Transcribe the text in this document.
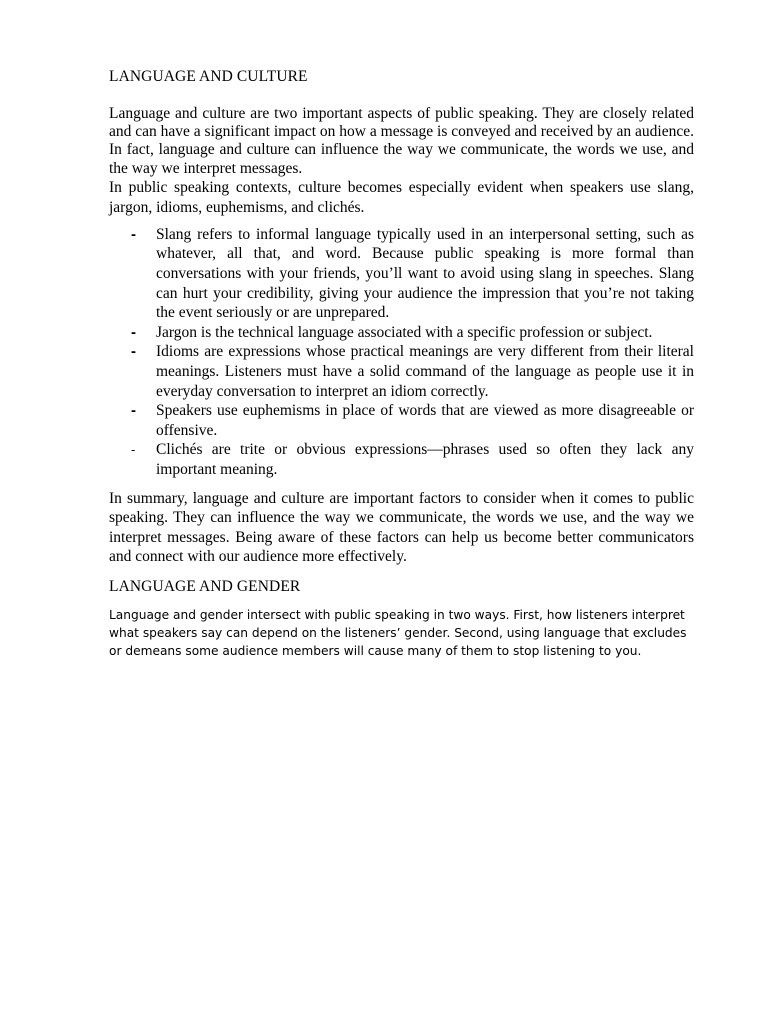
LANGUAGE AND CULTURE

Language and culture are two important aspects of public speaking. They are closely related and can have a significant impact on how a message is conveyed and received by an audience. In fact, language and culture can influence the way we communicate, the words we use, and the way we interpret messages.

In public speaking contexts, culture becomes especially evident when speakers use slang, jargon, idioms, euphemisms, and clichés.

- Slang refers to informal language typically used in an interpersonal setting, such as whatever, all that, and word. Because public speaking is more formal than conversations with your friends, you’ll want to avoid using slang in speeches. Slang can hurt your credibility, giving your audience the impression that you’re not taking the event seriously or are unprepared.
- Jargon is the technical language associated with a specific profession or subject.
- Idioms are expressions whose practical meanings are very different from their literal meanings. Listeners must have a solid command of the language as people use it in everyday conversation to interpret an idiom correctly.
- Speakers use euphemisms in place of words that are viewed as more disagreeable or offensive.
- Clichés are trite or obvious expressions—phrases used so often they lack any important meaning.

In summary, language and culture are important factors to consider when it comes to public speaking. They can influence the way we communicate, the words we use, and the way we interpret messages. Being aware of these factors can help us become better communicators and connect with our audience more effectively.

LANGUAGE AND GENDER

Language and gender intersect with public speaking in two ways. First, how listeners interpret what speakers say can depend on the listeners’ gender. Second, using language that excludes or demeans some audience members will cause many of them to stop listening to you.
